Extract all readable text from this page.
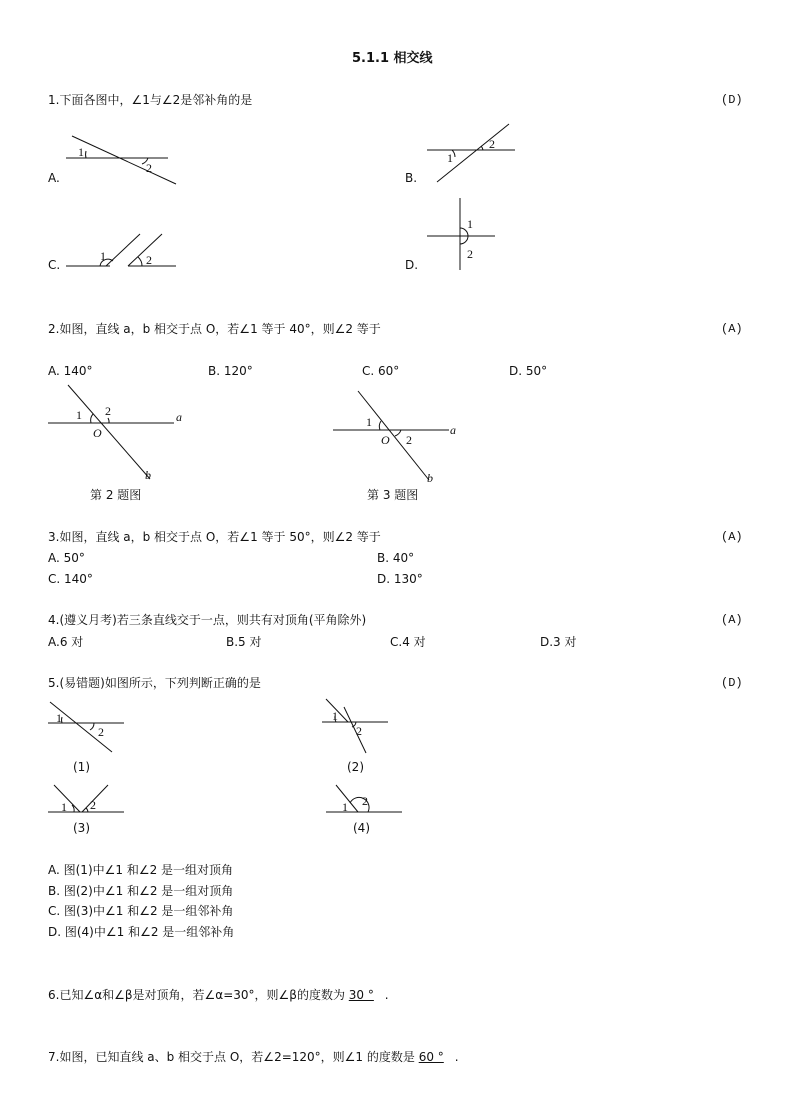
5.1.1 相交线
1.下面各图中，∠1与∠2是邻补角的是	(D)
A.
1
2
B.
1
2
C.
1	2	D.
1
2
2.如图，直线 a，b 相交于点 O，若∠1 等于 40°，则∠2 等于	(A)
A. 140°	B. 120°	C. 60°	D. 50°
1 2
O
a
b
第 2 题图
1
2
O
a
b
第 3 题图
3.如图，直线 a，b 相交于点 O，若∠1 等于 50°，则∠2 等于	(A)
A. 50°	B. 40°
C. 140°	D. 130°
4.(遵义月考)若三条直线交于一点，则共有对顶角(平角除外)	(A)
A.6 对	B.5 对	C.4 对	D.3 对
5.(易错题)如图所示，下列判断正确的是	(D)
1
2
(1)
1
2
(2)
1 2
(3)
1 2
(4)
A. 图(1)中∠1 和∠2 是一组对顶角
B. 图(2)中∠1 和∠2 是一组对顶角
C. 图(3)中∠1 和∠2 是一组邻补角
D. 图(4)中∠1 和∠2 是一组邻补角
6.已知∠α和∠β是对顶角，若∠α=30°，则∠β的度数为 30 ° .
7.如图，已知直线 a、b 相交于点 O，若∠2=120°，则∠1 的度数是 60 ° .
